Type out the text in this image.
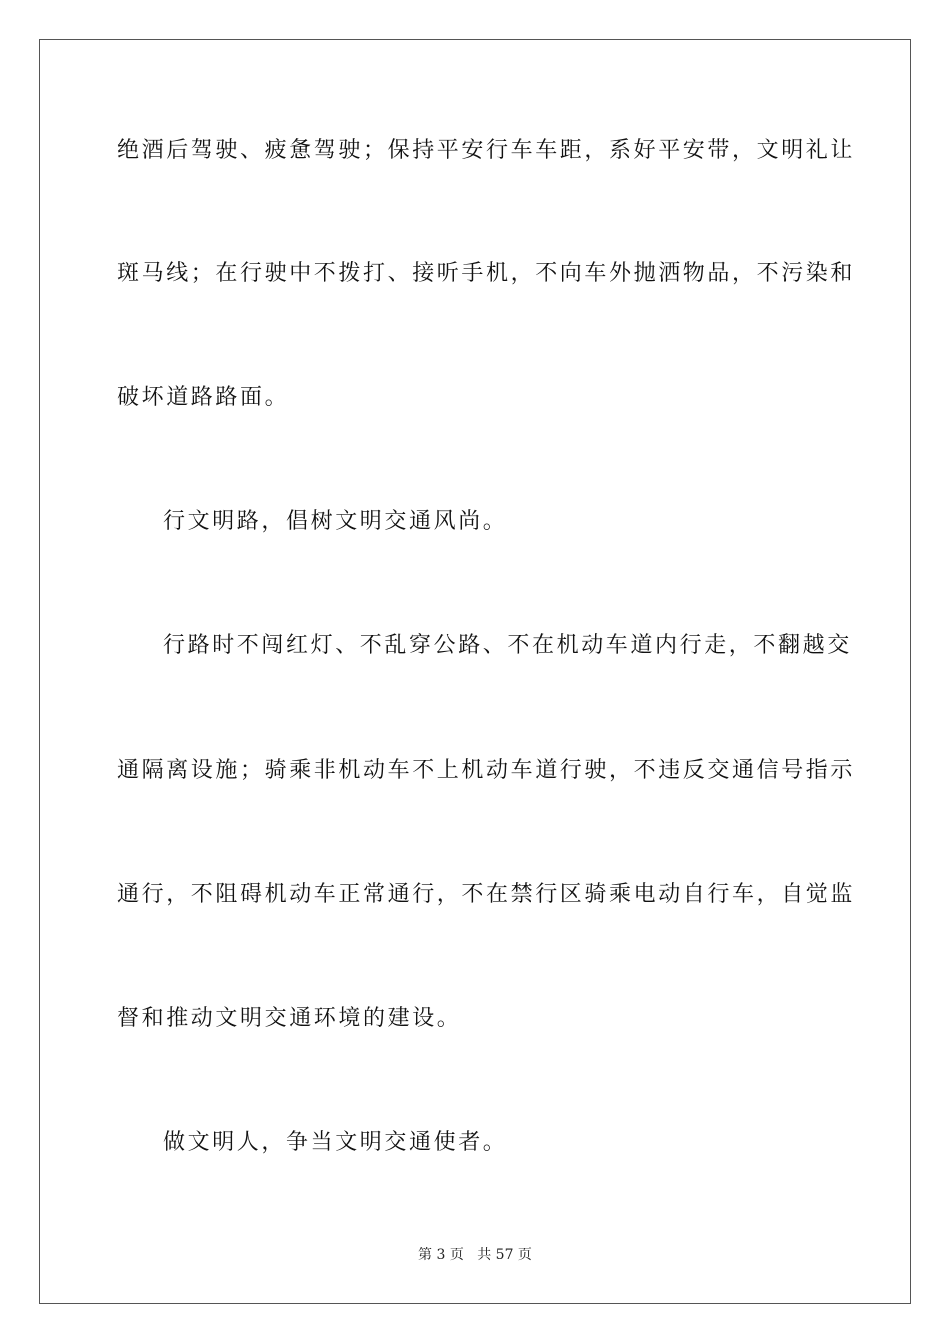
绝酒后驾驶、疲惫驾驶；保持平安行车车距，系好平安带，文明礼让
斑马线；在行驶中不拨打、接听手机，不向车外抛洒物品，不污染和
破坏道路路面。
行文明路，倡树文明交通风尚。
行路时不闯红灯、不乱穿公路、不在机动车道内行走，不翻越交
通隔离设施；骑乘非机动车不上机动车道行驶，不违反交通信号指示
通行，不阻碍机动车正常通行，不在禁行区骑乘电动自行车，自觉监
督和推动文明交通环境的建设。
做文明人，争当文明交通使者。
第 3 页 共 57 页
